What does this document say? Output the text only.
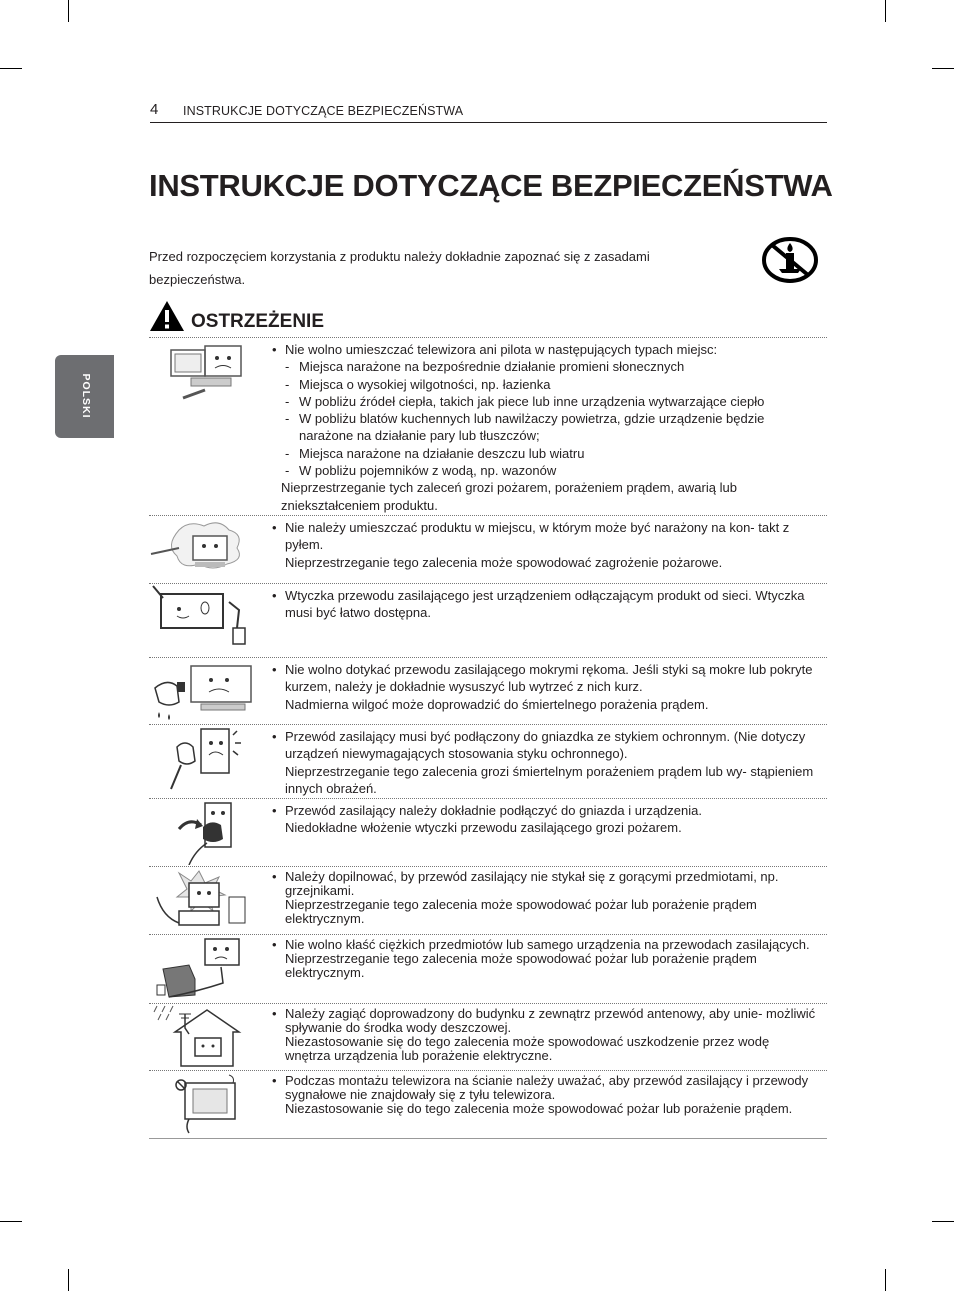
4 INSTRUKCJE DOTYCZĄCE BEZPIECZEŃSTWA
POLSKI
INSTRUKCJE DOTYCZĄCE BEZPIECZEŃSTWA

Przed rozpoczęciem korzystania z produktu należy dokładnie zapoznać się z zasadami bezpieczeństwa.

OSTRZEŻENIE
• Nie wolno umieszczać telewizora ani pilota w następujących typach miejsc:
- Miejsca narażone na bezpośrednie działanie promieni słonecznych
- Miejsca o wysokiej wilgotności, np. łazienka
- W pobliżu źródeł ciepła, takich jak piece lub inne urządzenia wytwarzające ciepło
- W pobliżu blatów kuchennych lub nawilżaczy powietrza, gdzie urządzenie będzie narażone na działanie pary lub tłuszczów;
- Miejsca narażone na działanie deszczu lub wiatru
- W pobliżu pojemników z wodą, np. wazonów
Nieprzestrzeganie tych zaleceń grozi pożarem, porażeniem prądem, awarią lub zniekształceniem produktu.
• Nie należy umieszczać produktu w miejscu, w którym może być narażony na kon- takt z pyłem.
Nieprzestrzeganie tego zalecenia może spowodować zagrożenie pożarowe.
• Wtyczka przewodu zasilającego jest urządzeniem odłączającym produkt od sieci. Wtyczka musi być łatwo dostępna.
• Nie wolno dotykać przewodu zasilającego mokrymi rękoma. Jeśli styki są mokre lub pokryte kurzem, należy je dokładnie wysuszyć lub wytrzeć z nich kurz.
Nadmierna wilgoć może doprowadzić do śmiertelnego porażenia prądem.
• Przewód zasilający musi być podłączony do gniazdka ze stykiem ochronnym. (Nie dotyczy urządzeń niewymagających stosowania styku ochronnego).
Nieprzestrzeganie tego zalecenia grozi śmiertelnym porażeniem prądem lub wy- stąpieniem innych obrażeń.
• Przewód zasilający należy dokładnie podłączyć do gniazda i urządzenia.
Niedokładne włożenie wtyczki przewodu zasilającego grozi pożarem.
• Należy dopilnować, by przewód zasilający nie stykał się z gorącymi przedmiotami, np. grzejnikami.
Nieprzestrzeganie tego zalecenia może spowodować pożar lub porażenie prądem elektrycznym.
• Nie wolno kłaść ciężkich przedmiotów lub samego urządzenia na przewodach zasilających.
Nieprzestrzeganie tego zalecenia może spowodować pożar lub porażenie prądem elektrycznym.
• Należy zagiąć doprowadzony do budynku z zewnątrz przewód antenowy, aby unie- możliwić spływanie do środka wody deszczowej.
Niezastosowanie się do tego zalecenia może spowodować uszkodzenie przez wodę wnętrza urządzenia lub porażenie elektryczne.
• Podczas montażu telewizora na ścianie należy uważać, aby przewód zasilający i przewody sygnałowe nie znajdowały się z tyłu telewizora.
Niezastosowanie się do tego zalecenia może spowodować pożar lub porażenie prądem.
